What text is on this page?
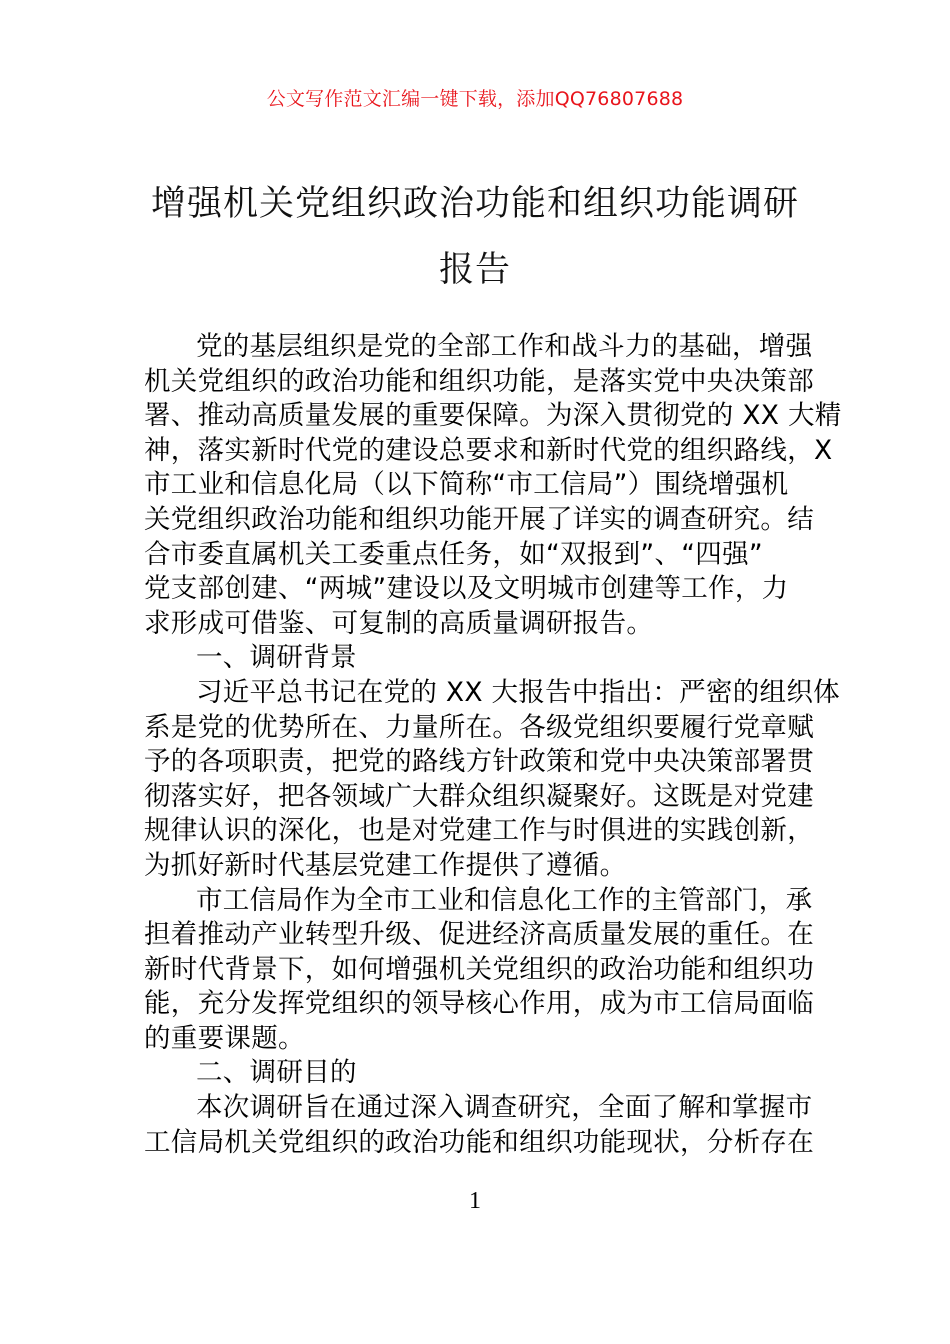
公文写作范文汇编一键下载，添加QQ76807688
增强机关党组织政治功能和组织功能调研
报告
党的基层组织是党的全部工作和战斗力的基础，增强
机关党组织的政治功能和组织功能，是落实党中央决策部
署、推动高质量发展的重要保障。为深入贯彻党的 XX 大精
神，落实新时代党的建设总要求和新时代党的组织路线，X
市工业和信息化局（以下简称“市工信局”）围绕增强机
关党组织政治功能和组织功能开展了详实的调查研究。结
合市委直属机关工委重点任务，如“双报到”、“四强”
党支部创建、“两城”建设以及文明城市创建等工作，力
求形成可借鉴、可复制的高质量调研报告。
一、调研背景
习近平总书记在党的 XX 大报告中指出：严密的组织体
系是党的优势所在、力量所在。各级党组织要履行党章赋
予的各项职责，把党的路线方针政策和党中央决策部署贯
彻落实好，把各领域广大群众组织凝聚好。这既是对党建
规律认识的深化，也是对党建工作与时俱进的实践创新，
为抓好新时代基层党建工作提供了遵循。
市工信局作为全市工业和信息化工作的主管部门，承
担着推动产业转型升级、促进经济高质量发展的重任。在
新时代背景下，如何增强机关党组织的政治功能和组织功
能，充分发挥党组织的领导核心作用，成为市工信局面临
的重要课题。
二、调研目的
本次调研旨在通过深入调查研究，全面了解和掌握市
工信局机关党组织的政治功能和组织功能现状，分析存在
1
